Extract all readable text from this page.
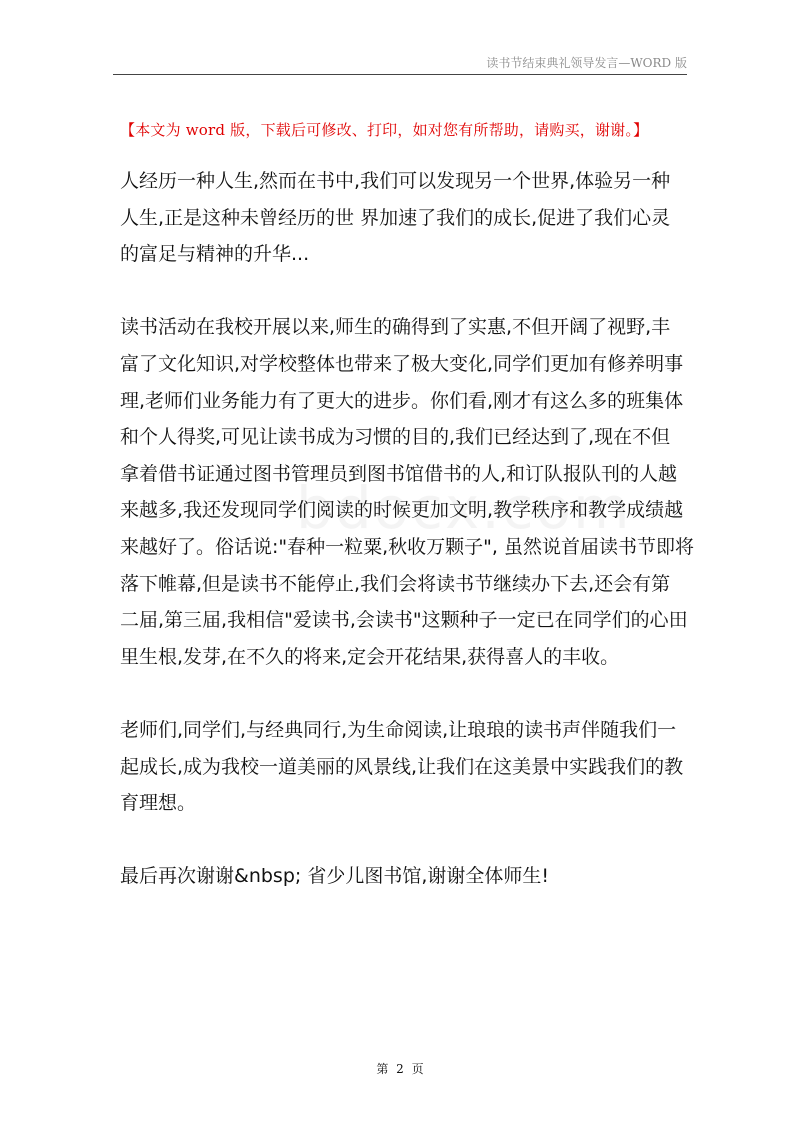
读书节结束典礼领导发言—WORD 版
【本文为 word 版，下载后可修改、打印，如对您有所帮助，请购买，谢谢。】

人经历一种人生,然而在书中,我们可以发现另一个世界,体验另一种
人生,正是这种未曾经历的世 界加速了我们的成长,促进了我们心灵
的富足与精神的升华...

读书活动在我校开展以来,师生的确得到了实惠,不但开阔了视野,丰
富了文化知识,对学校整体也带来了极大变化,同学们更加有修养明事
理,老师们业务能力有了更大的进步。你们看,刚才有这么多的班集体
和个人得奖,可见让读书成为习惯的目的,我们已经达到了,现在不但
拿着借书证通过图书管理员到图书馆借书的人,和订队报队刊的人越
来越多,我还发现同学们阅读的时候更加文明,教学秩序和教学成绩越
来越好了。俗话说:"春种一粒粟,秋收万颗子", 虽然说首届读书节即将
落下帷幕,但是读书不能停止,我们会将读书节继续办下去,还会有第
二届,第三届,我相信"爱读书,会读书"这颗种子一定已在同学们的心田
里生根,发芽,在不久的将来,定会开花结果,获得喜人的丰收。

老师们,同学们,与经典同行,为生命阅读,让琅琅的读书声伴随我们一
起成长,成为我校一道美丽的风景线,让我们在这美景中实践我们的教
育理想。

最后再次谢谢&nbsp; 省少儿图书馆,谢谢全体师生!

第 2 页
